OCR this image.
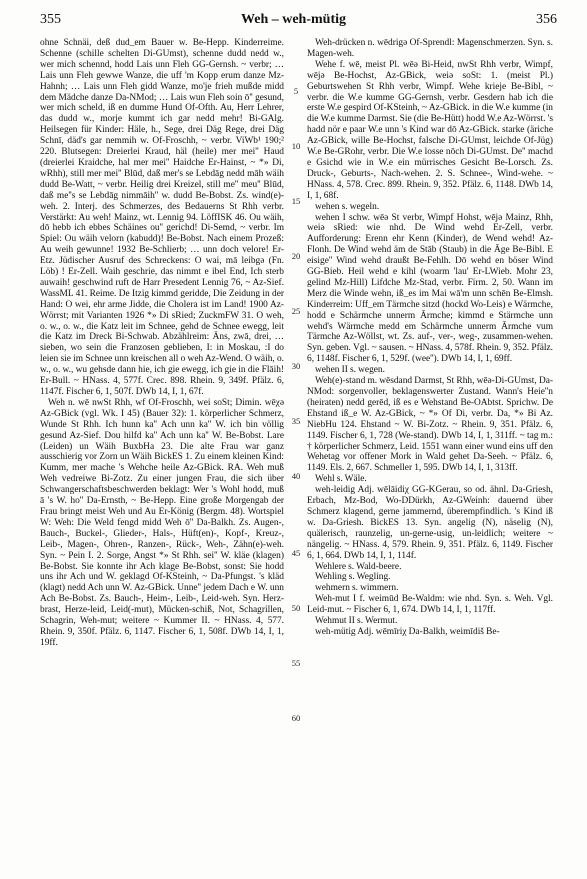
355	Weh – weh-mütig	356

ohne Schnäi, deß dud_em Bauer w. Be-Hepp. Kinderreime. Schenne (schille schelten Di-GUmst), schenne dudd nedd w., wer mich schennd, hodd Lais unn Fleh GG-Gernsh. ~ verbr; … Lais unn Fleh gewwe Wanze, die uff 'm Kopp erum danze Mz-Hahnh; … Lais unn Fleh gidd Wanze, mo'je frieh mußde midd dem Mädche danze Da-NMod; … Lais wun Fleh soin ō'' gesund, wer mich scheld, iß en dumme Hund Of-Ofth. Au, Herr Lehrer, das dudd w., morje kummt ich gar nedd mehr! Bi-GAlg. Heilsegen für Kinder: Häle, h., Sege, drei Däg Rege, drei Däg Schnī, däd's gar nemmih w. Of-Froschh, ~ verbr. ViWb¹ 190;² 220. Blutsegen: Dreierlei Kraud, häl (heile) mer mei'' Haud (dreierlei Kraidche, hal mer mei'' Haidche Er-Hainst, ~ *» Di, wRhh), still mer mei'' Blūd, daß mer's se Lebdāg nedd māh wäih dudd Be-Watt, ~ verbr. Heilig drei Kreizel, still me'' meu'' Blūd, daß me''s se Lebdāg nimmāih'' w. dudd Be-Bobst. Zs. wind(e)-weh. 2. Interj. des Schmerzes, des Bedauerns St Rhh verbr. Verstärkt: Au weh! Mainz, wt. Lennig 94. LöffISK 46. Ou wäih, dō hebb ich ebbes Schäines ou'' gerichd! Di-Semd, ~ verbr. Im Spiel: Ou wäih velorn (kabudd)! Be-Bobst. Nach einem Prozeß: Au weih gewunne! 1932 Be-Schlierb; … unn doch velore! Er-Etz. Jüdischer Ausruf des Schreckens: O wai, mā leibgə (Fn. Löb) ! Er-Zell. Waih geschrie, das nimmt e ibel End, Ich sterb auwaih! geschwind ruft de Harr Presedent Lennig 76, ~ Az-Sief. WassML 41. Reime. De Itzig kimmd geridde, Die Zeidung in der Hand: O wei, ehr arme Jidde, die Cholera ist im Land! 1900 Az-Wörrst; mit Varianten 1926 *» Di sRied; ZuckmFW 31. O weh, o. w., o. w., die Katz leit im Schnee, gehd de Schnee ewegg, leit die Katz im Dreck Bi-Schwab. Abzählreim: Äns, zwā, drei, … sieben, wo sein die Franzosen geblieben, I: in Moskau, :I do leien sie im Schnee unn kreischen all o weh Az-Wend. O wäih, o. w., o. w., wu gehsde dann hie, ich gie ewegg, ich gie in die Flāih! Er-Bull. ~ HNass. 4, 577f. Crec. 898. Rhein. 9, 349f. Pfälz. 6, 1147f. Fischer 6, 1, 507f. DWb 14, I, 1, 67f.

Weh n. wē nwSt Rhh, wf Of-Froschh, wei soSt; Dimin. wēχə Az-GBick (vgl. Wk. I 45) (Bauer 32): 1. körperlicher Schmerz, Wunde St Rhh. Ich hunn ka'' Ach unn ka'' W. ich bin völlig gesund Az-Sief. Dou hilfd ka'' Ach unn ka'' W. Be-Bobst. Lare (Leiden) un Wäih BuxbHa 23. Die alte Frau war ganz ausschierig vor Zorn un Wäih BickES 1. Zu einem kleinen Kind: Kumm, mer mache 's Wehche heile Az-GBick. RA. Weh muß Weh vedreiwe Bi-Zotz. Zu einer jungen Frau, die sich über Schwangerschaftsbeschwerden beklagt: Wer 's Wohl hodd, muß ā 's W. ho'' Da-Ernsth, ~ Be-Hepp. Eine große Morgengab der Frau bringt meist Weh und Au Er-König (Bergm. 48). Wortspiel W: Weh: Die Weld fengd midd Weh ō'' Da-Balkh. Zs. Augen-, Bauch-, Buckel-, Glieder-, Hals-, Hüft(en)-, Kopf-, Kreuz-, Leib-, Magen-, Ohren-, Ranzen-, Rück-, Weh-, Zähn(e)-weh. Syn. ~ Pein I. 2. Sorge, Angst *» St Rhh. sei'' W. kläe (klagen) Be-Bobst. Sie konnte ihr Ach klage Be-Bobst, sonst: Sie hodd uns ihr Ach und W. geklagd Of-KSteinh, ~ Da-Pfungst. 's kläd (klagt) nedd Ach unn W. Az-GBick. Unne'' jedem Dach e W. unn Ach Be-Bobst. Zs. Bauch-, Heim-, Leib-, Leid-weh. Syn. Herz-brast, Herze-leid, Leid(-mut), Mücken-schiß, Not, Schagrillen, Schagrin, Weh-mut; weitere ~ Kummer II. ~ HNass. 4, 577. Rhein. 9, 350f. Pfälz. 6, 1147. Fischer 6, 1, 508f. DWb 14, I, 1, 19ff.

Weh-drücken n. wēdrigə Of-Sprendl: Magenschmerzen. Syn. s. Magen-weh.

Wehe f. wē, meist Pl. wēə Bi-Heid, nwSt Rhh verbr, Wimpf, wējə Be-Hochst, Az-GBick, weiə soSt: 1. (meist Pl.) Geburtswehen St Rhh verbr, Wimpf. Wehe krieje Be-Bibl, ~ verbr. die W.e kumme GG-Gernsh, verbr. Gesdern hab ich die erste W.e gespird Of-KSteinh, ~ Az-GBick. in die W.e kumme (in die W.e kumme Darmst. Sie (die Be-Hütt) hodd W.e Az-Wörrst. 's hadd nör e paar W.e unn 's Kind war dō Az-GBick. starke (äriche Az-GBick, wille Be-Hochst, falsche Di-GUmst, leichde Of-Jüg) W.e Be-GRohr, verbr. Die W.e losse nōch Di-GUmst. De'' machd e Gsichd wie in W.e ein mürrisches Gesicht Be-Lorsch. Zs. Druck-, Geburts-, Nach-wehen. 2. S. Schnee-, Wind-wehe. ~ HNass. 4, 578. Crec. 899. Rhein. 9, 352. Pfälz. 6, 1148. DWb 14, I, 1, 68f.

wehen s. wegeln.

wehen I schw. wēə St verbr, Wimpf Hohst, wējə Mainz, Rhh, weiə sRied: wie nhd. De Wind wehd Er-Zell, verbr. Aufforderung: Erenn ehr Kenn (Kinder), de Wend wehd! Az-Flonh. De Wind wehd äm de Stāb (Staub) in die Āge Be-Bibl. E eisige'' Wind wehd draußt Be-Fehlh. Dō wehd en böser Wind GG-Bieb. Heil wehd e kihl (woarm 'lau' Er-LWieb. Mohr 23, gelind Mz-Hill) Lifdche Mz-Stad, verbr. Firm. 2, 50. Wann im Merz die Winde wehn, iß_es im Mai wā'm unn schēn Be-Elmsh. Kinderreim: Uff_em Tärmche sitzd (hockd Wo-Leis) e Wärmche, hodd e Schärmche unnerm Ārmche; kimmd e Stärmche unn wehd's Wärmche medd em Schärmche unnerm Ārmche vum Tärmche Az-Wöllst, wt. Zs. auf-, ver-, weg-, zusammen-wehen. Syn. geben. Vgl. ~ sausen. ~ HNass. 4, 578f. Rhein. 9, 352. Pfälz. 6, 1148f. Fischer 6, 1, 529f. (wee''). DWb 14, I, 1, 69ff.

wehen II s. wegen.

Weh(e)-stand m. wēsdand Darmst, St Rhh, wēə-Di-GUmst, Da-NMod: sorgenvoller, beklagenswerter Zustand. Wann's Heie''n (heiraten) nedd gerēd, iß es e Wehstand Be-OAbtst. Sprichw. De Ehstand iß_e W. Az-GBick, ~ *» Of Di, verbr. Da, *» Bi Az. NiebHu 124. Ehstand ~ W. Bi-Zotz. ~ Rhein. 9, 351. Pfälz. 6, 1149. Fischer 6, 1, 728 (We-stand). DWb 14, I, 1, 311ff. ~ tag m.: † körperlicher Schmerz, Leid. 1551 wann einer wund eins uff den Wehetag vor offener Mork in Wald gehet Da-Seeh. ~ Pfälz. 6, 1149. Els. 2, 667. Schmeller 1, 595. DWb 14, I, 1, 313ff.

Wehl s. Wäle.

weh-leidig Adj. wēlāidiχ GG-KGerau, so od. ähnl. Da-Griesh, Erbach, Mz-Bod, Wo-DDürkh, Az-GWeinh: dauernd über Schmerz klagend, gerne jammernd, überempfindlich. 's Kind iß w. Da-Griesh. BickES 13. Syn. angelig (N), näselig (N), quälerisch, raunzelig, un-gerne-usig, un-leidlich; weitere ~ nängelig. ~ HNass. 4, 579. Rhein. 9, 351. Pfälz. 6, 1149. Fischer 6, 1, 664. DWb 14, I, 1, 114f.

Wehlere s. Wald-beere.

Wehling s. Wegling.

wehmern s. wimmern.

Weh-mut I f. weimūd Be-Waldm: wie nhd. Syn. s. Weh. Vgl. Leid-mut. ~ Fischer 6, 1, 674. DWb 14, I, 1, 117ff.

Wehmut II s. Wermut.

weh-mütig Adj. wēmīriχ Da-Balkh, weimīdiš Be-

5
10
15
20
25
30
35
40
45
50
55
60
